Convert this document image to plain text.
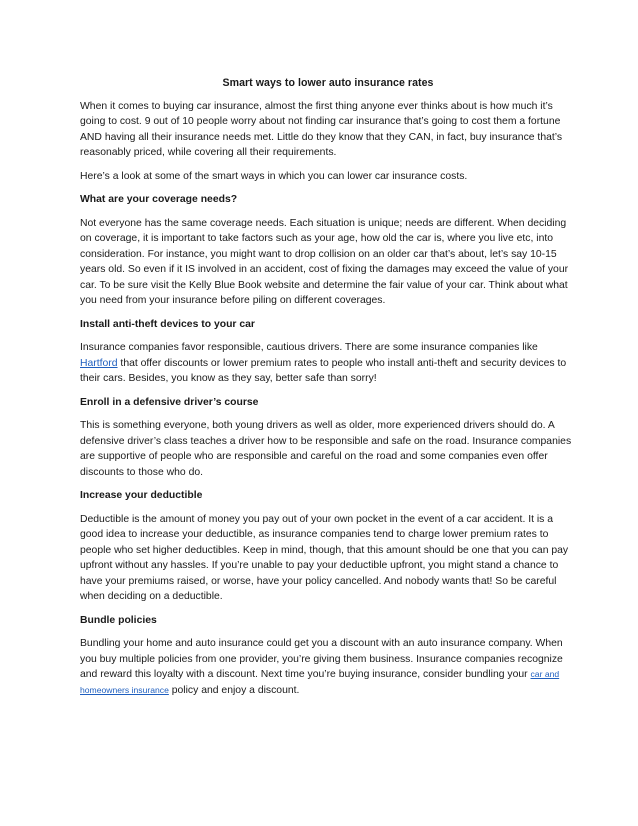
Smart ways to lower auto insurance rates

When it comes to buying car insurance, almost the first thing anyone ever thinks about is how much it’s going to cost. 9 out of 10 people worry about not finding car insurance that’s going to cost them a fortune AND having all their insurance needs met. Little do they know that they CAN, in fact, buy insurance that’s reasonably priced, while covering all their requirements.

Here’s a look at some of the smart ways in which you can lower car insurance costs.

What are your coverage needs?

Not everyone has the same coverage needs. Each situation is unique; needs are different. When deciding on coverage, it is important to take factors such as your age, how old the car is, where you live etc, into consideration. For instance, you might want to drop collision on an older car that’s about, let’s say 10-15 years old. So even if it IS involved in an accident, cost of fixing the damages may exceed the value of your car. To be sure visit the Kelly Blue Book website and determine the fair value of your car. Think about what you need from your insurance before piling on different coverages.

Install anti-theft devices to your car

Insurance companies favor responsible, cautious drivers. There are some insurance companies like Hartford that offer discounts or lower premium rates to people who install anti-theft and security devices to their cars. Besides, you know as they say, better safe than sorry!

Enroll in a defensive driver’s course

This is something everyone, both young drivers as well as older, more experienced drivers should do. A defensive driver’s class teaches a driver how to be responsible and safe on the road. Insurance companies are supportive of people who are responsible and careful on the road and some companies even offer discounts to those who do.

Increase your deductible

Deductible is the amount of money you pay out of your own pocket in the event of a car accident. It is a good idea to increase your deductible, as insurance companies tend to charge lower premium rates to people who set higher deductibles. Keep in mind, though, that this amount should be one that you can pay upfront without any hassles. If you’re unable to pay your deductible upfront, you might stand a chance to have your premiums raised, or worse, have your policy cancelled. And nobody wants that! So be careful when deciding on a deductible.

Bundle policies

Bundling your home and auto insurance could get you a discount with an auto insurance company. When you buy multiple policies from one provider, you’re giving them business. Insurance companies recognize and reward this loyalty with a discount. Next time you’re buying insurance, consider bundling your car and homeowners insurance policy and enjoy a discount.
